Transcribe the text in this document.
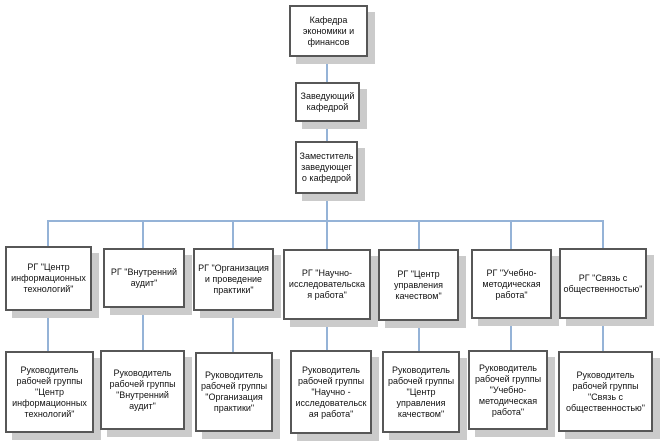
Кафедра экономики и финансов
Заведующий кафедрой
Заместитель заведующего кафедрой
РГ "Центр информационных технологий"
РГ "Внутренний аудит"
РГ "Организация и проведение практики"
РГ "Научно-исследовательская работа"
РГ "Центр управления качеством"
РГ "Учебно-методическая работа"
РГ "Связь с общественностью"
Руководитель рабочей группы "Центр информационных технологий"
Руководитель рабочей группы "Внутренний аудит"
Руководитель рабочей группы "Организация практики"
Руководитель рабочей группы "Научно - исследовательская работа"
Руководитель рабочей группы "Центр управления качеством"
Руководитель рабочей группы "Учебно-методическая работа"
Руководитель рабочей группы "Связь с общественностью"
